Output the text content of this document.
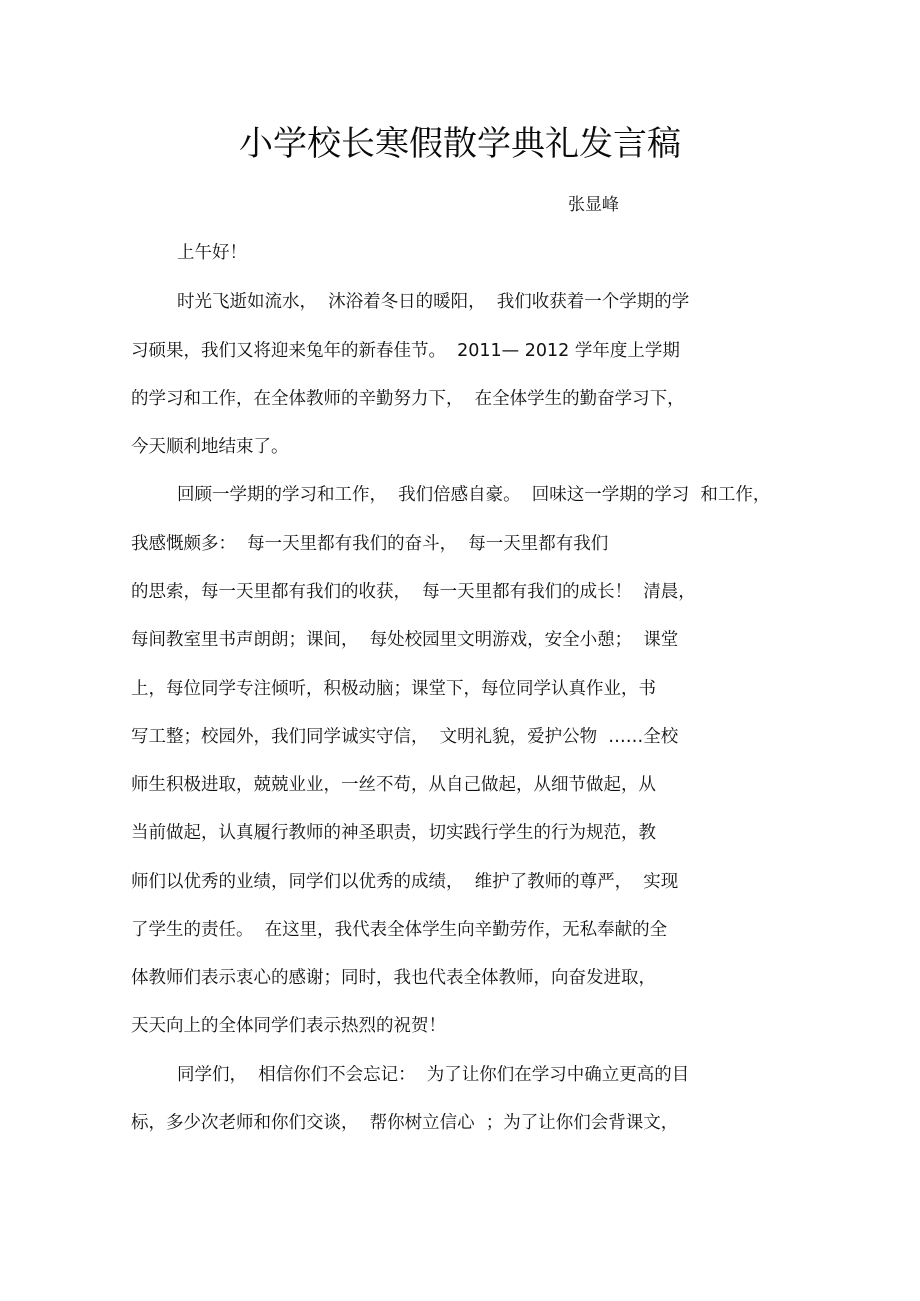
小学校长寒假散学典礼发言稿
张显峰
上午好！
时光飞逝如流水，  沐浴着冬日的暖阳，  我们收获着一个学期的学
习硕果，我们又将迎来兔年的新春佳节。  2011— 2012 学年度上学期
的学习和工作，在全体教师的辛勤努力下，  在全体学生的勤奋学习下，
今天顺利地结束了。
回顾一学期的学习和工作，  我们倍感自豪。  回味这一学期的学习  和工作，
我感慨颇多：  每一天里都有我们的奋斗，  每一天里都有我们
的思索，每一天里都有我们的收获，  每一天里都有我们的成长！  清晨，
每间教室里书声朗朗；课间，  每处校园里文明游戏，安全小憩；  课堂
上，每位同学专注倾听，积极动脑；课堂下，每位同学认真作业，书
写工整；校园外，我们同学诚实守信，  文明礼貌，爱护公物  ……全校
师生积极进取，兢兢业业，一丝不苟，从自己做起，从细节做起，从
当前做起，认真履行教师的神圣职责，切实践行学生的行为规范，教
师们以优秀的业绩，同学们以优秀的成绩，  维护了教师的尊严，  实现
了学生的责任。  在这里，我代表全体学生向辛勤劳作，无私奉献的全
体教师们表示衷心的感谢；同时，我也代表全体教师，向奋发进取，
天天向上的全体同学们表示热烈的祝贺！
同学们，  相信你们不会忘记：  为了让你们在学习中确立更高的目
标，多少次老师和你们交谈，  帮你树立信心  ；为了让你们会背课文，
